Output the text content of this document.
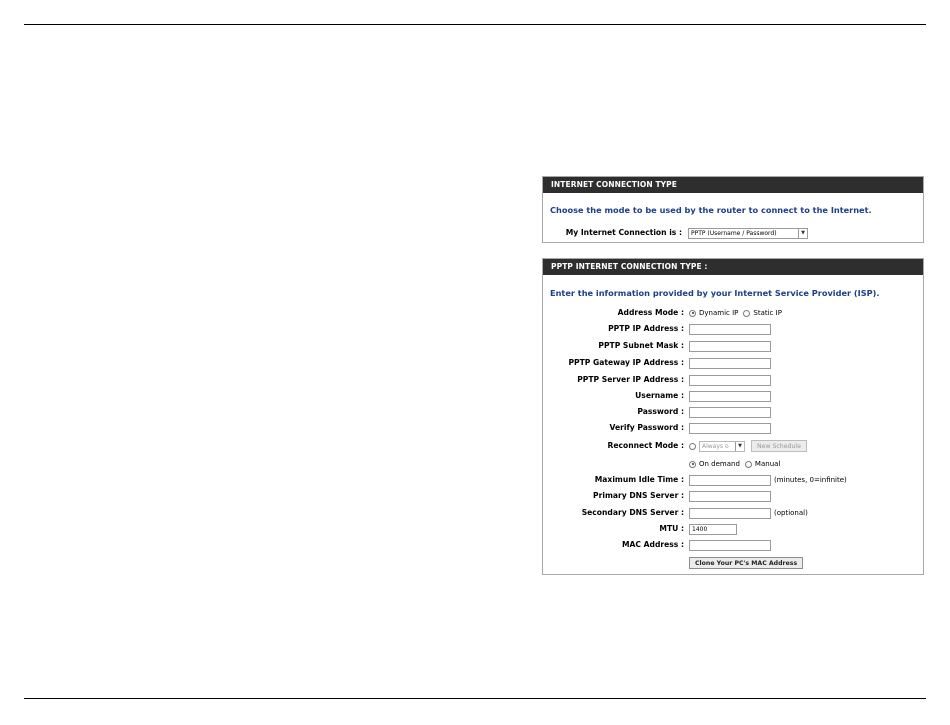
INTERNET CONNECTION TYPE
Choose the mode to be used by the router to connect to the Internet.
My Internet Connection is : PPTP (Username / Password)	▼
PPTP INTERNET CONNECTION TYPE :
Enter the information provided by your Internet Service Provider (ISP).
Address Mode : Dynamic IP Static IP
PPTP IP Address :
PPTP Subnet Mask :
PPTP Gateway IP Address :
PPTP Server IP Address :
Username :
Password :
Verify Password :
Reconnect Mode :	Always o	▼	New Schedule
On demand Manual
Maximum Idle Time :	(minutes, 0=infinite)
Primary DNS Server :
Secondary DNS Server :	(optional)
MTU :	1400
MAC Address :
Clone Your PC's MAC Address
